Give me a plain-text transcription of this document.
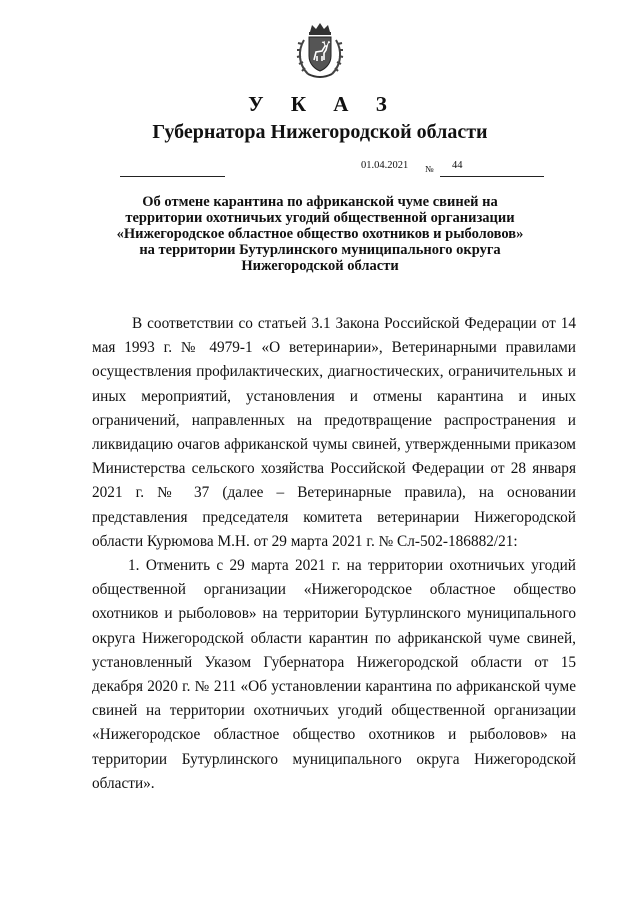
У К А З
Губернатора Нижегородской области
01.04.2021 № 44
Об отмене карантина по африканской чуме свиней на
территории охотничьих угодий общественной организации
«Нижегородское областное общество охотников и рыболовов»
на территории Бутурлинского муниципального округа
Нижегородской области

В соответствии со статьей 3.1 Закона Российской Федерации от 14 мая 1993 г. № 4979-1 «О ветеринарии», Ветеринарными правилами осуществления профилактических, диагностических, ограничительных и иных мероприятий, установления и отмены карантина и иных ограничений, направленных на предотвращение распространения и ликвидацию очагов африканской чумы свиней, утвержденными приказом Министерства сельского хозяйства Российской Федерации от 28 января 2021 г. № 37 (далее – Ветеринарные правила), на основании представления председателя комитета ветеринарии Нижегородской области Курюмова М.Н. от 29 марта 2021 г. № Сл-502-186882/21:

1. Отменить с 29 марта 2021 г. на территории охотничьих угодий общественной организации «Нижегородское областное общество охотников и рыболовов» на территории Бутурлинского муниципального округа Нижегородской области карантин по африканской чуме свиней, установленный Указом Губернатора Нижегородской области от 15 декабря 2020 г. № 211 «Об установлении карантина по африканской чуме свиней на территории охотничьих угодий общественной организации «Нижегородское областное общество охотников и рыболовов» на территории Бутурлинского муниципального округа Нижегородской области».
